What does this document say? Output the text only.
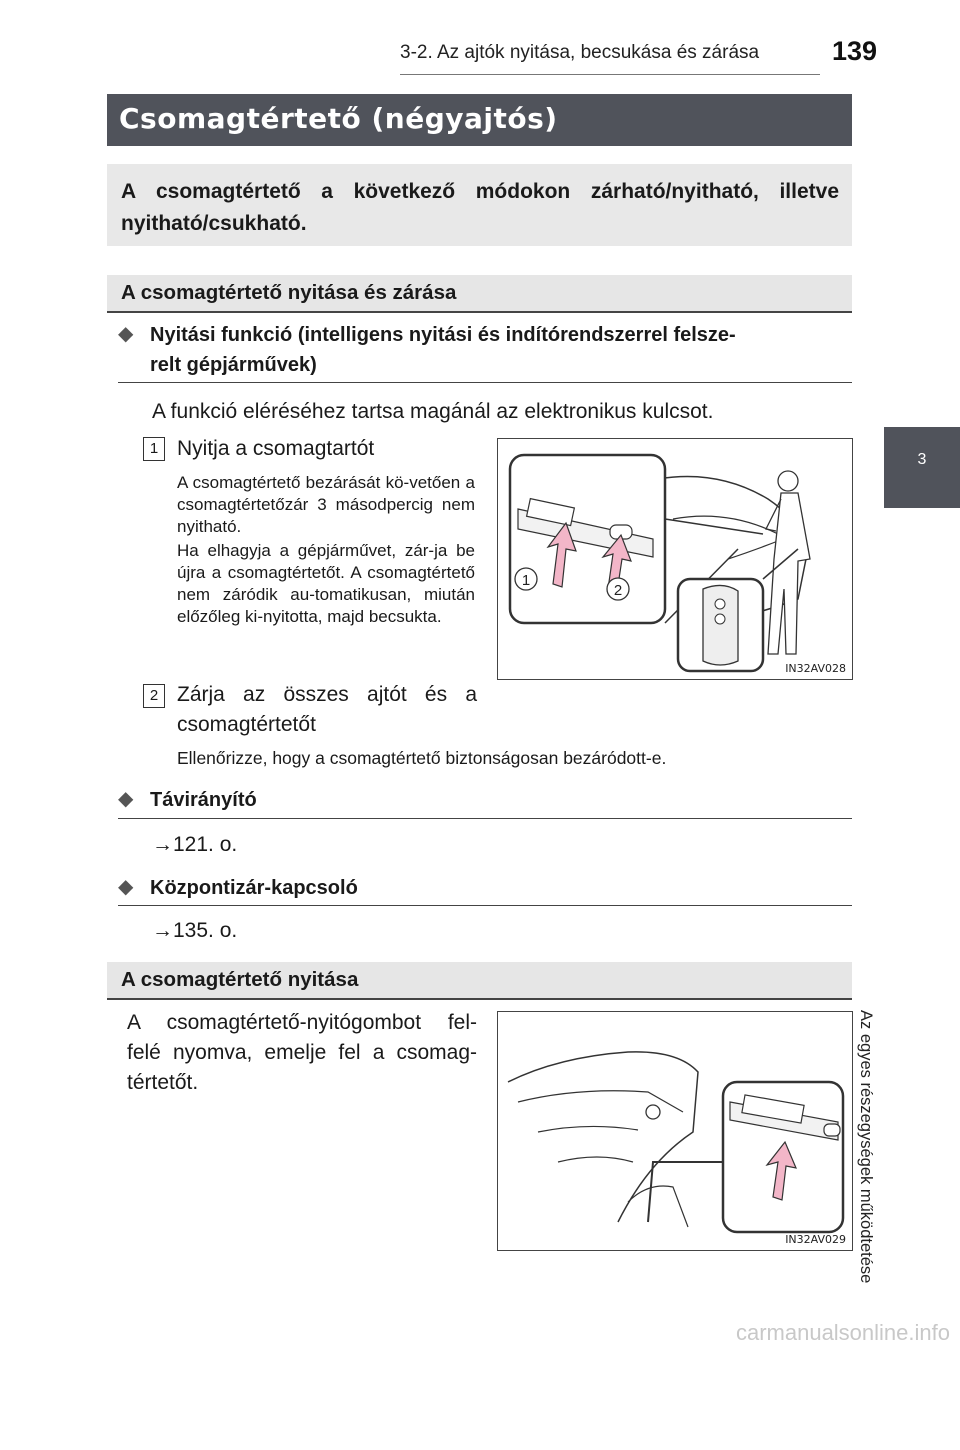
3-2. Az ajtók nyitása, becsukása és zárása	139
3
Az egyes részegységek működtetése
Csomagtértető (négyajtós)
A csomagtértető a következő módokon zárható/nyitható, illetve nyitható/csukható.
A csomagtértető nyitása és zárása
◆ Nyitási funkció (intelligens nyitási és indítórendszerrel felsze-
relt gépjárművek)
A funkció eléréséhez tartsa magánál az elektronikus kulcsot.
1 Nyitja a csomagtartót
A csomagtértető bezárását kö-vetően a csomagtértetőzár 3 másodpercig nem nyitható.
Ha elhagyja a gépjárművet, zár-ja be újra a csomagtértetőt. A csomagtértető nem záródik au-tomatikusan, miután előzőleg ki-nyitotta, majd becsukta.
2 Zárja az összes ajtót és a
csomagtértetőt
Ellenőrizze, hogy a csomagtértető biztonságosan bezáródott-e.
1
2
IN32AV028
◆ Távirányító
→121. o.
◆ Központizár-kapcsoló
→135. o.
A csomagtértető nyitása
A csomagtértető-nyitógombot fel-
felé nyomva, emelje fel a csomag-
tértetőt.
IN32AV029
carmanualsonline.info
